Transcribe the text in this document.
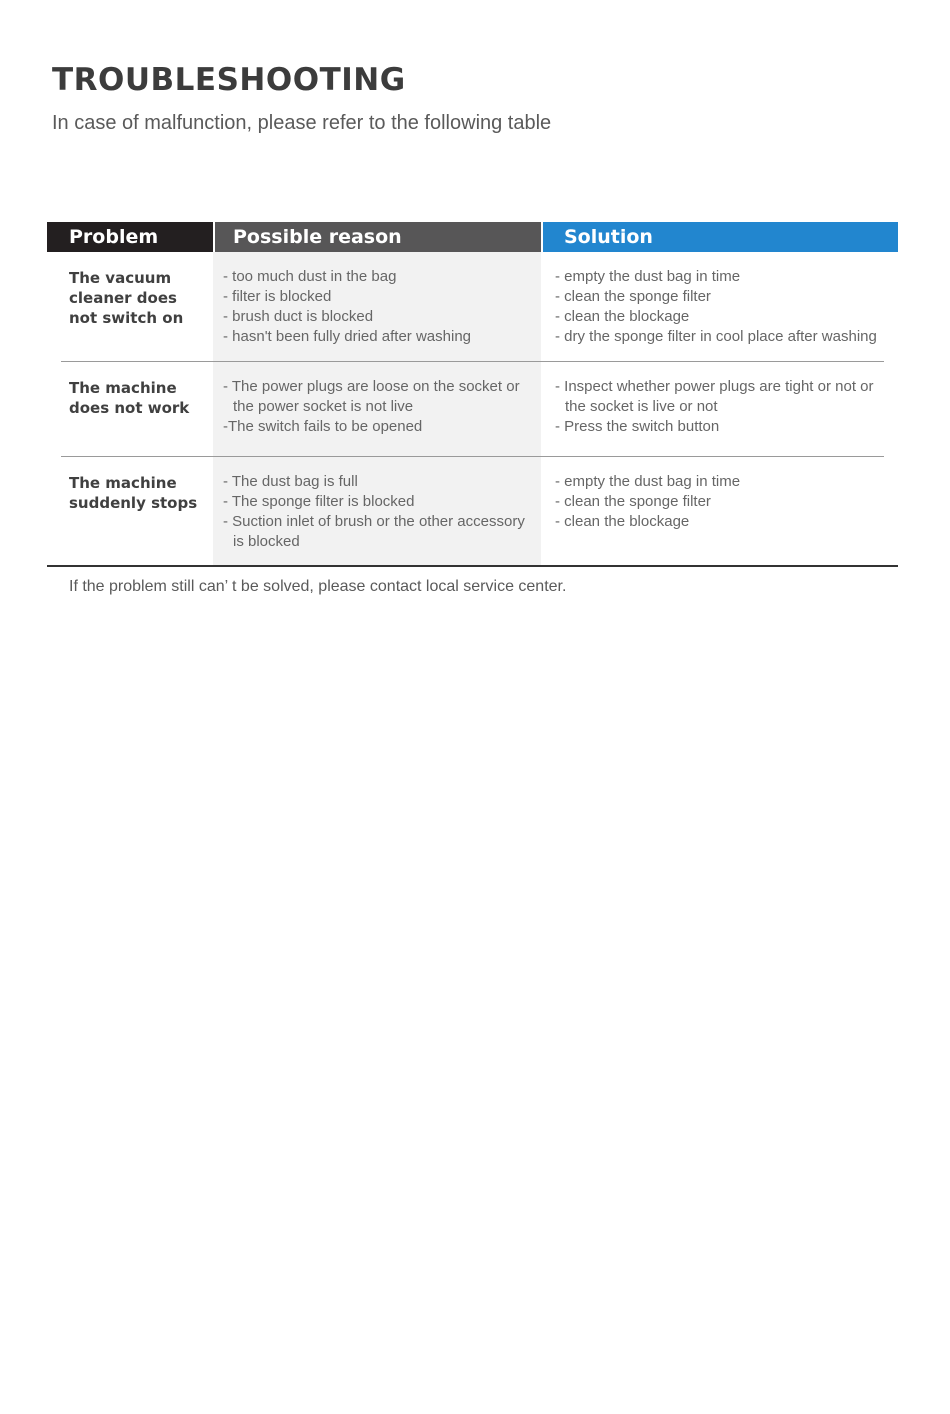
TROUBLESHOOTING

In case of malfunction, please refer to the following table

Problem	Possible reason	Solution
The vacuum
cleaner does
not switch on
- too much dust in the bag
- filter is blocked
- brush duct is blocked
- hasn't been fully dried after washing
- empty the dust bag in time
- clean the sponge filter
- clean the blockage
- dry the sponge filter in cool place after washing
The machine
does not work
- The power plugs are loose on the socket or
the power socket is not live
-The switch fails to be opened
- Inspect whether power plugs are tight or not or
the socket is live or not
- Press the switch button
The machine
suddenly stops
- The dust bag is full
- The sponge filter is blocked
- Suction inlet of brush or the other accessory
is blocked
- empty the dust bag in time
- clean the sponge filter
- clean the blockage

If the problem still can’ t be solved, please contact local service center.
